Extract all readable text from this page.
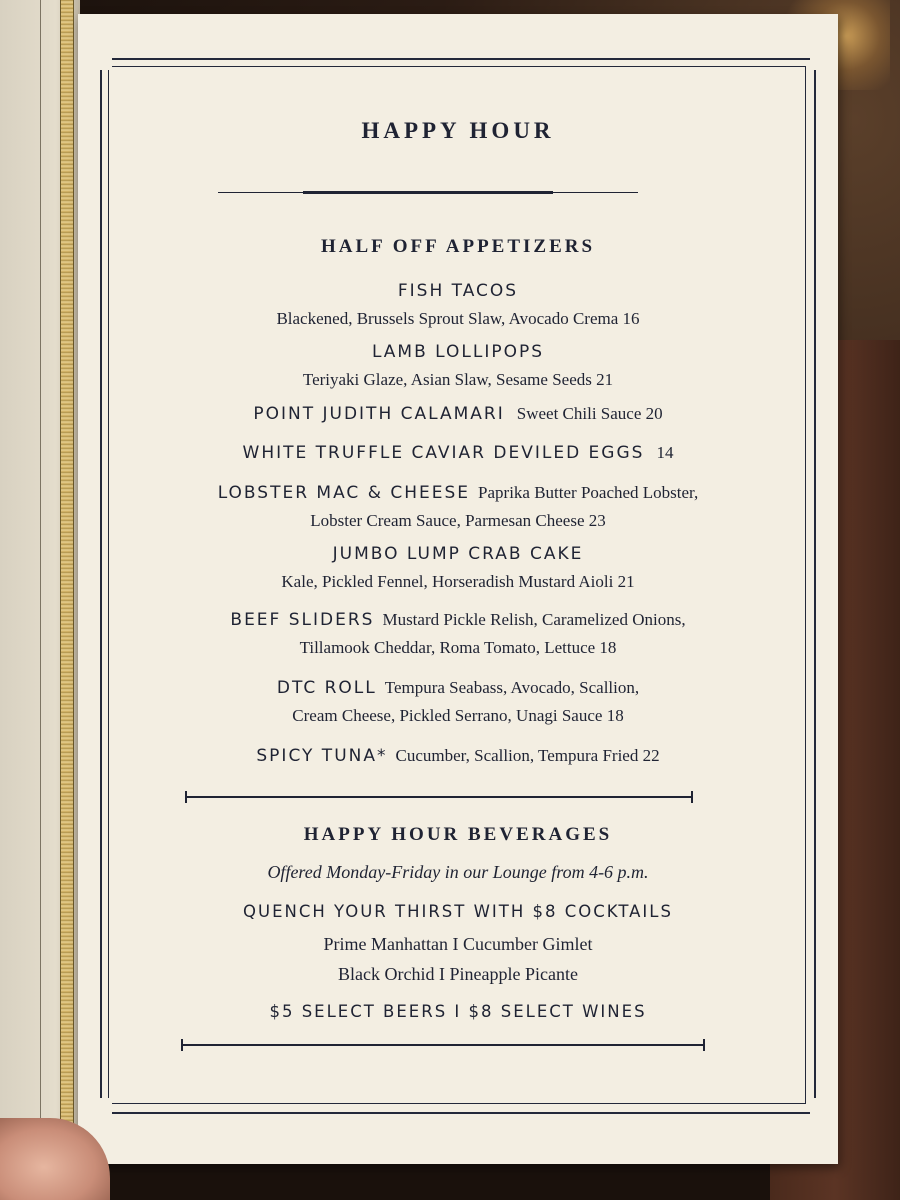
HAPPY HOUR
HALF OFF APPETIZERS
FISH TACOS
Blackened, Brussels Sprout Slaw, Avocado Crema 16
LAMB LOLLIPOPS
Teriyaki Glaze, Asian Slaw, Sesame Seeds 21
POINT JUDITH CALAMARI Sweet Chili Sauce 20
WHITE TRUFFLE CAVIAR DEVILED EGGS 14
LOBSTER MAC & CHEESE Paprika Butter Poached Lobster,
Lobster Cream Sauce, Parmesan Cheese 23
JUMBO LUMP CRAB CAKE
Kale, Pickled Fennel, Horseradish Mustard Aioli 21
BEEF SLIDERS Mustard Pickle Relish, Caramelized Onions,
Tillamook Cheddar, Roma Tomato, Lettuce 18
DTC ROLL Tempura Seabass, Avocado, Scallion,
Cream Cheese, Pickled Serrano, Unagi Sauce 18
SPICY TUNA* Cucumber, Scallion, Tempura Fried 22
HAPPY HOUR BEVERAGES
Offered Monday-Friday in our Lounge from 4-6 p.m.
QUENCH YOUR THIRST WITH $8 COCKTAILS
Prime Manhattan I Cucumber Gimlet
Black Orchid I Pineapple Picante
$5 SELECT BEERS I $8 SELECT WINES
